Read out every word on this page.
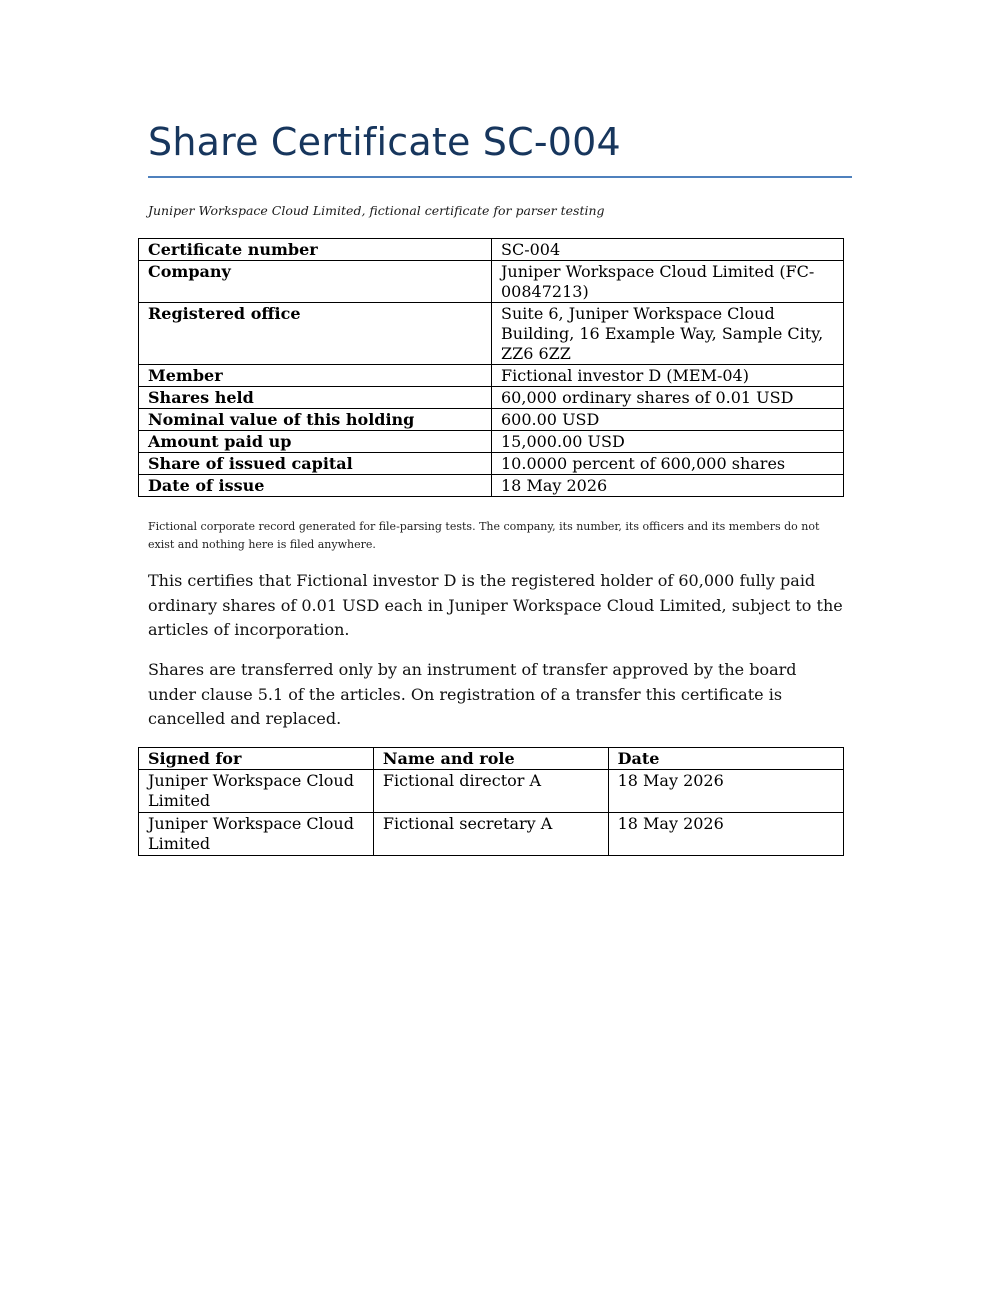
Share Certificate SC-004
Juniper Workspace Cloud Limited, fictional certificate for parser testing
Certificate number	SC-004
Company	Juniper Workspace Cloud Limited (FC-00847213)
Registered office	Suite 6, Juniper Workspace Cloud Building, 16 Example Way, Sample City, ZZ6 6ZZ
Member	Fictional investor D (MEM-04)
Shares held	60,000 ordinary shares of 0.01 USD
Nominal value of this holding	600.00 USD
Amount paid up	15,000.00 USD
Share of issued capital	10.0000 percent of 600,000 shares
Date of issue	18 May 2026
Fictional corporate record generated for file-parsing tests. The company, its number, its officers and its members do not exist and nothing here is filed anywhere.
This certifies that Fictional investor D is the registered holder of 60,000 fully paid ordinary shares of 0.01 USD each in Juniper Workspace Cloud Limited, subject to the articles of incorporation.
Shares are transferred only by an instrument of transfer approved by the board under clause 5.1 of the articles. On registration of a transfer this certificate is cancelled and replaced.
Signed for	Name and role	Date
Juniper Workspace Cloud Limited	Fictional director A	18 May 2026
Juniper Workspace Cloud Limited	Fictional secretary A	18 May 2026
